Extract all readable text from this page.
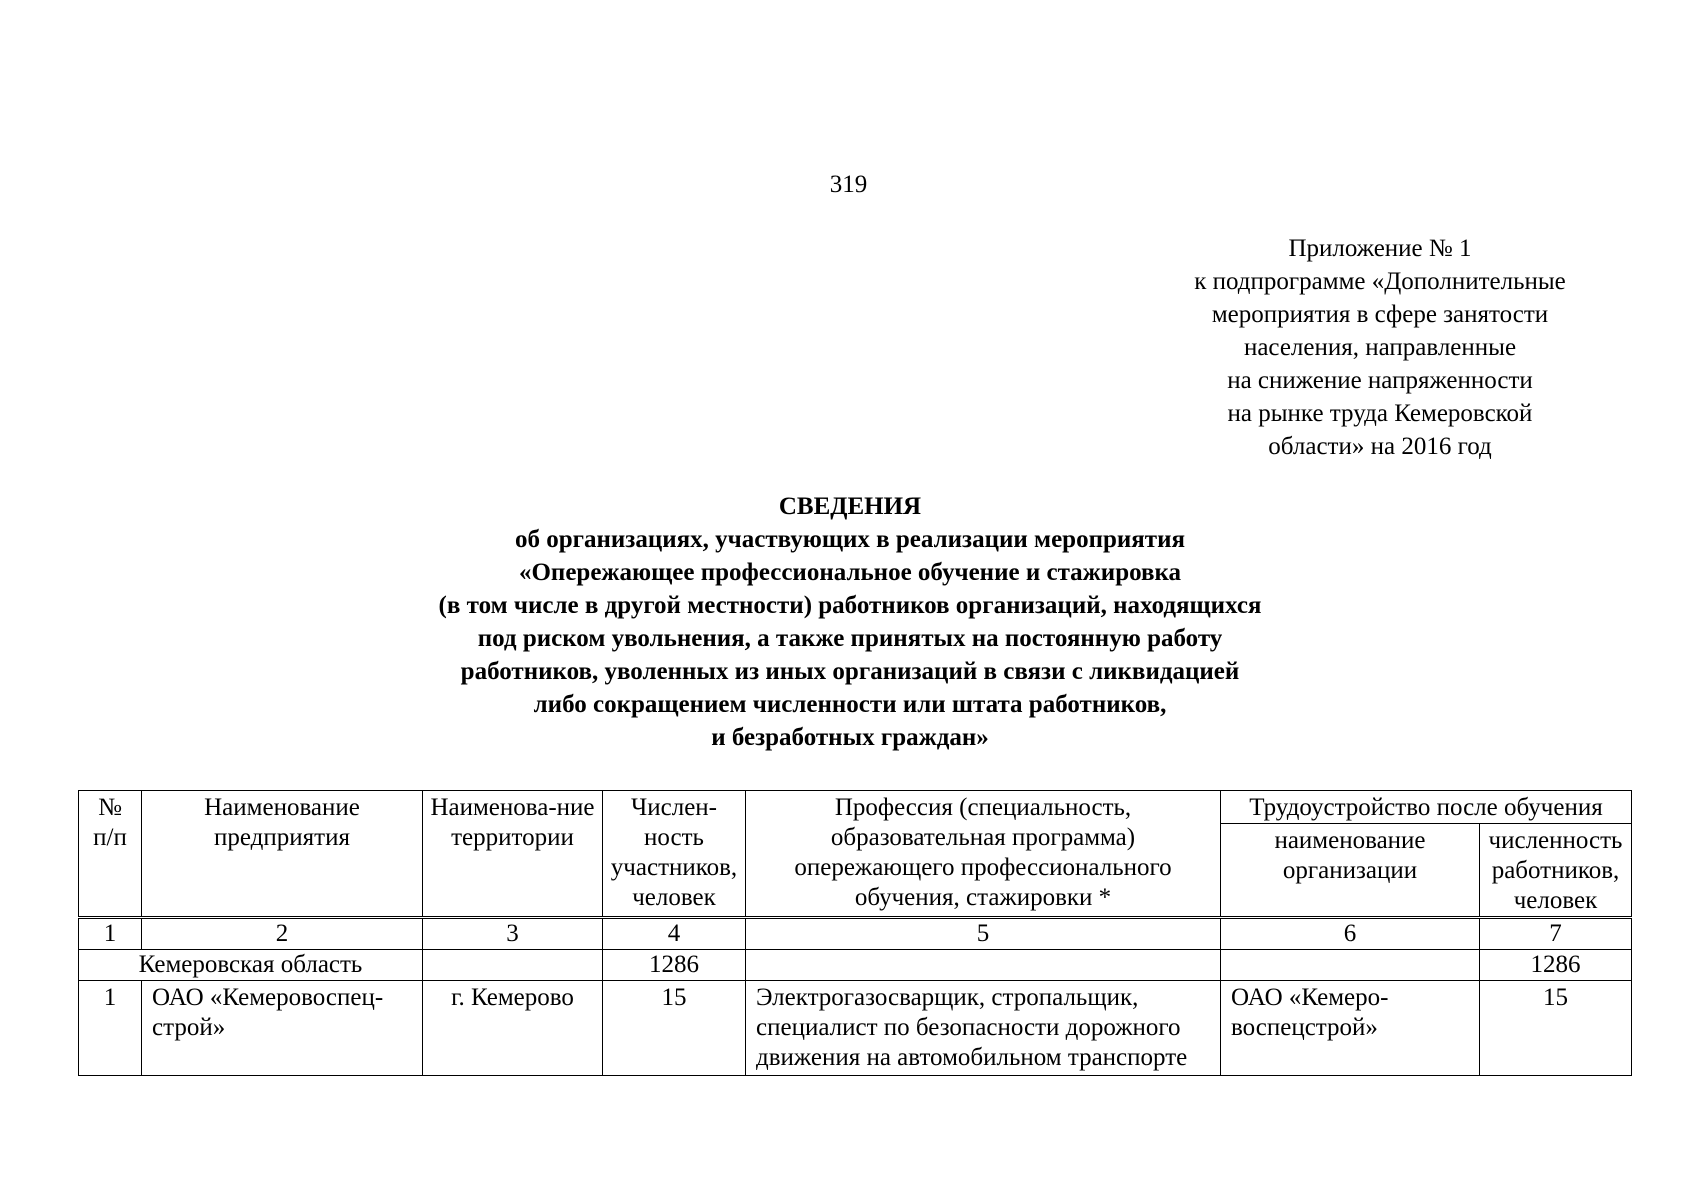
319
Приложение № 1
к подпрограмме «Дополнительные
мероприятия в сфере занятости
населения, направленные
на снижение напряженности
на рынке труда Кемеровской
области» на 2016 год
СВЕДЕНИЯ
об организациях, участвующих в реализации мероприятия
«Опережающее профессиональное обучение и стажировка
(в том числе в другой местности) работников организаций, находящихся
под риском увольнения, а также принятых на постоянную работу
работников, уволенных из иных организаций в связи с ликвидацией
либо сокращением численности или штата работников,
и безработных граждан»
№ п/п	Наименование предприятия	Наименова-ние территории	Числен-ность участников, человек	Профессия (специальность, образовательная программа) опережающего профессионального обучения, стажировки *	Трудоустройство после обучения	
					наименование организации	численность работников, человек
1	2	3	4	5	6	7
Кемеровская область			1286			1286
1	ОАО «Кемеровоспец-строй»	г. Кемерово	15	Электрогазосварщик, стропальщик, специалист по безопасности дорожного движения на автомобильном транспорте	ОАО «Кемеро-воспецстрой»	15
